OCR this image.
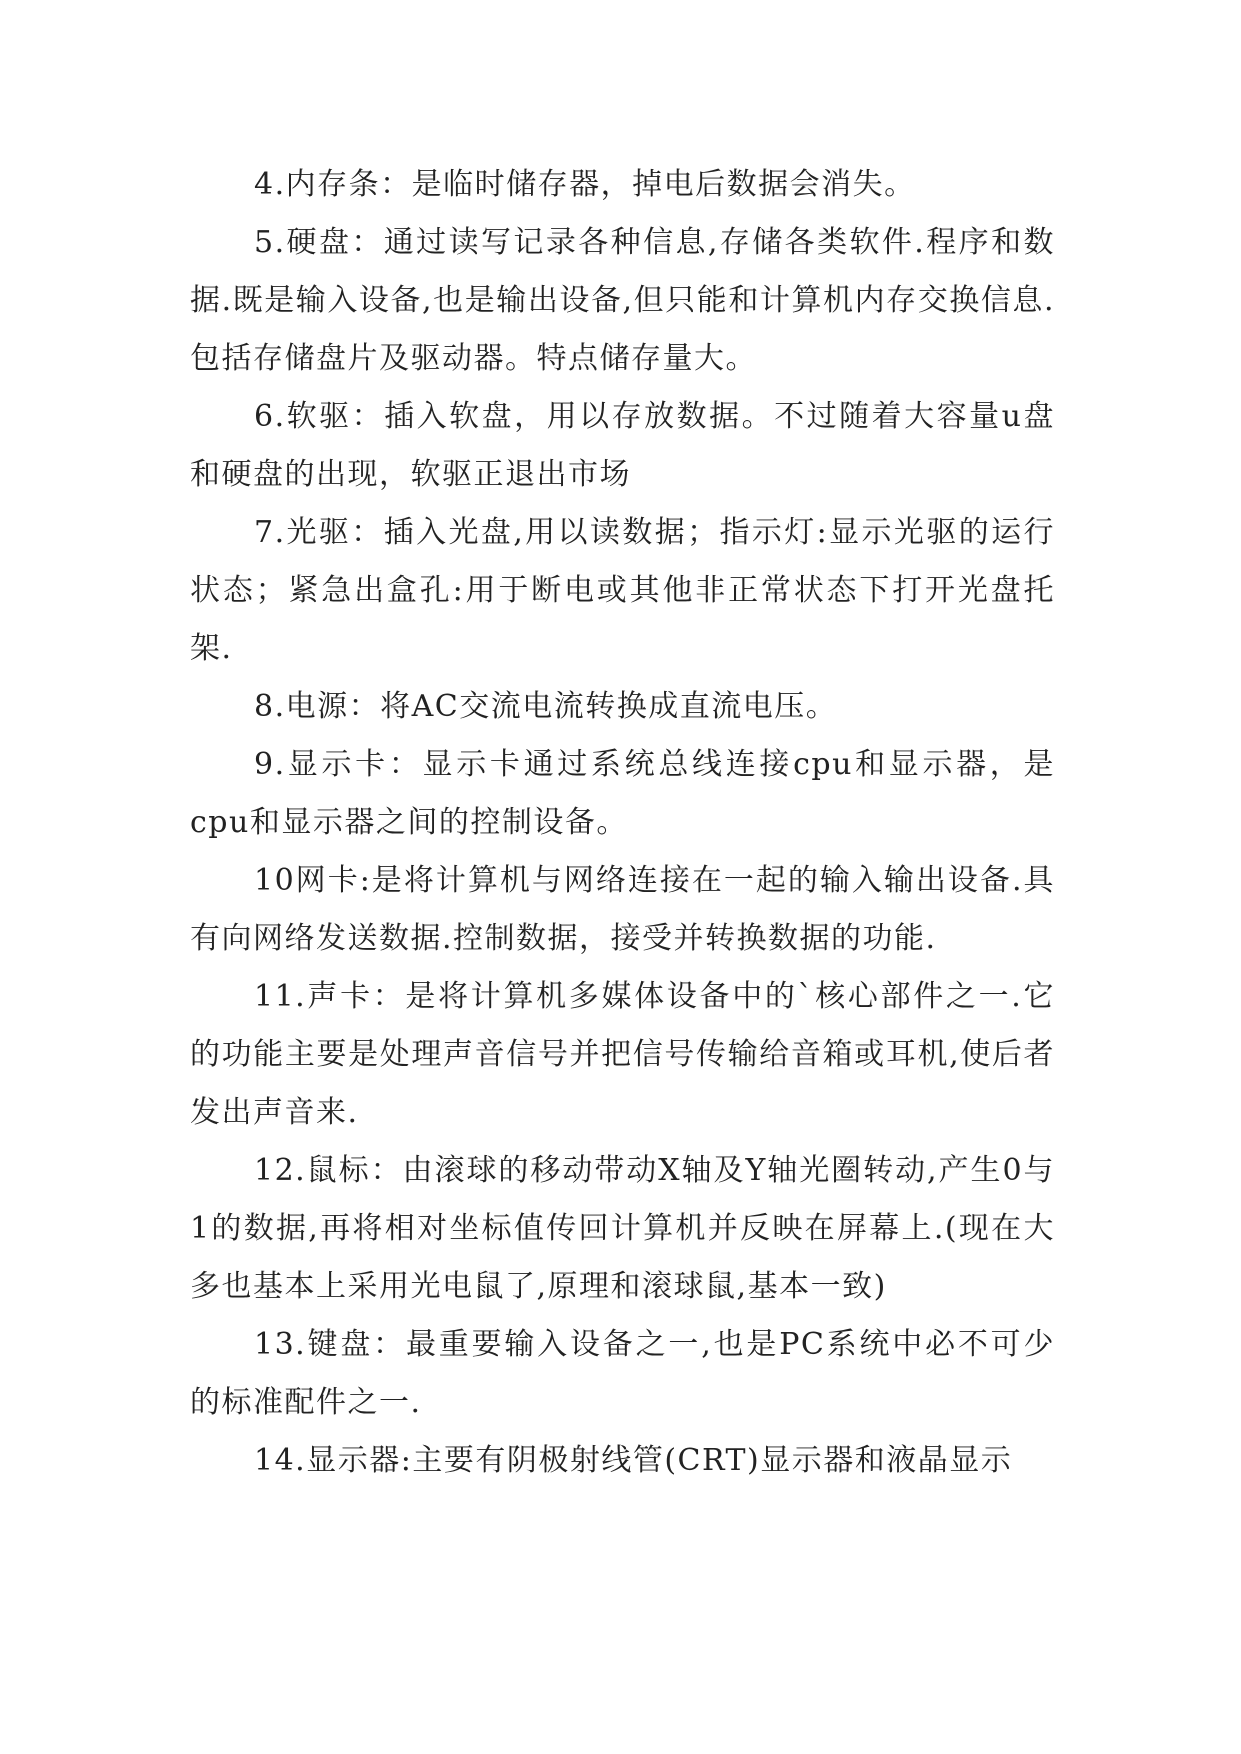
4.内存条：是临时储存器，掉电后数据会消失。

5.硬盘：通过读写记录各种信息,存储各类软件.程序和数据.既是输入设备,也是输出设备,但只能和计算机内存交换信息.包括存储盘片及驱动器。特点储存量大。

6.软驱：插入软盘，用以存放数据。不过随着大容量u盘和硬盘的出现，软驱正退出市场

7.光驱：插入光盘,用以读数据；指示灯:显示光驱的运行状态；紧急出盒孔:用于断电或其他非正常状态下打开光盘托架.

8.电源：将AC交流电流转换成直流电压。

9.显示卡：显示卡通过系统总线连接cpu和显示器，是cpu和显示器之间的控制设备。

10网卡:是将计算机与网络连接在一起的输入输出设备.具有向网络发送数据.控制数据，接受并转换数据的功能.

11.声卡：是将计算机多媒体设备中的`核心部件之一.它的功能主要是处理声音信号并把信号传输给音箱或耳机,使后者发出声音来.

12.鼠标：由滚球的移动带动X轴及Y轴光圈转动,产生0与1的数据,再将相对坐标值传回计算机并反映在屏幕上.(现在大多也基本上采用光电鼠了,原理和滚球鼠,基本一致)

13.键盘：最重要输入设备之一,也是PC系统中必不可少的标准配件之一.

14.显示器:主要有阴极射线管(CRT)显示器和液晶显示
